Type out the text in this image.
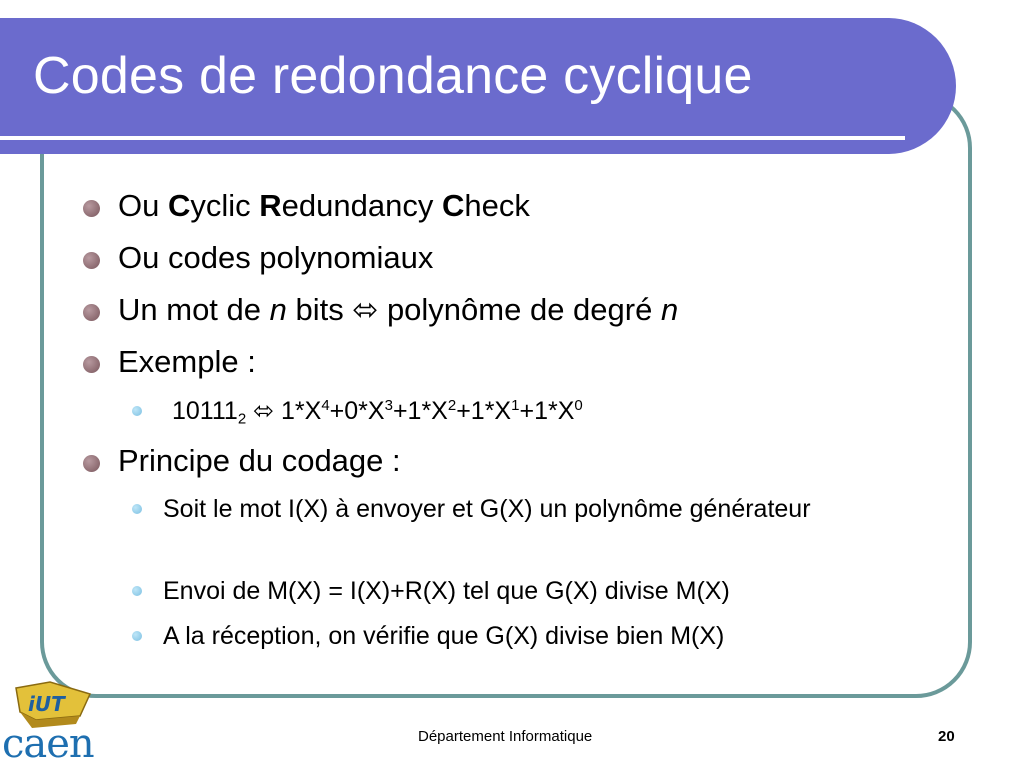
Codes de redondance cyclique
Ou Cyclic Redundancy Check
Ou codes polynomiaux
Un mot de n bits ⬄ polynôme de degré n
Exemple :
$10111_2$ ⬄ $1*X^4+0*X^3+1*X^2+1*X^1+1*X^0$
Principe du codage :
Soit le mot I(X) à envoyer et G(X) un polynôme générateur
Envoi de M(X) = I(X)+R(X) tel que G(X) divise M(X)
A la réception, on vérifie que G(X) divise bien M(X)
iUT
caen	Département Informatique	20
